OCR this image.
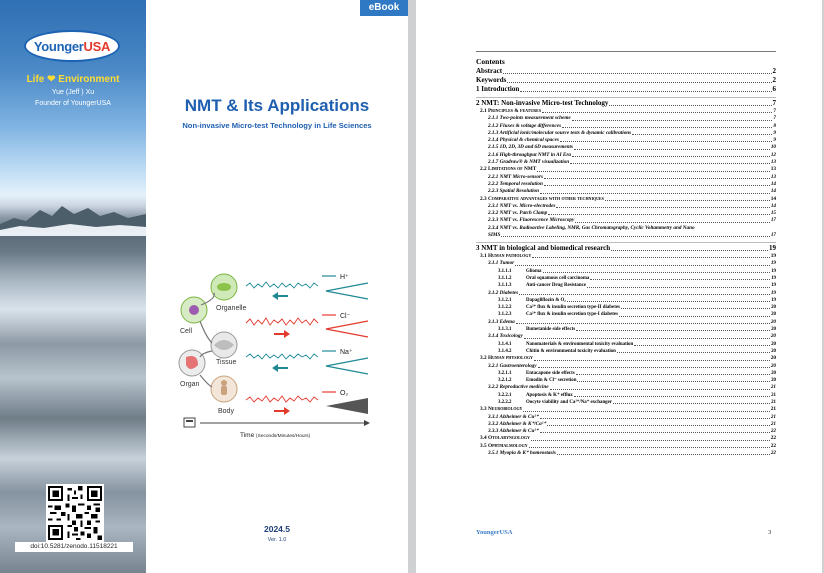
YoungerUSA
Life ❤ Environment
Yue (Jeff ) Xu
Founder of YoungerUSA
doi:10.5281/zenodo.11518221
eBook
NMT & Its Applications
Non-invasive Micro-test Technology in Life Sciences
Organelle
Cell
Tissue
Organ
Body
H⁺
Cl⁻
Na⁺
O₂
Time (Seconds/Minutes/Hours)
2024.5
Ver. 1.0
Contents
Abstract	2
Keywords	2
1 Introduction	6
2 NMT: Non-invasive Micro-test Technology	7
2.1 Principles & features	7
2.1.1 Two-points measurement scheme	7
2.1.2 Fluxes & voltage differences	8
2.1.3 Artificial ionic/molecular source tests & dynamic calibrations	9
2.1.4 Physical & chemical spaces	9
2.1.5 1D, 2D, 3D and 6D measurements	10
2.1.6 High-throughput NMT in AI Era	12
2.1.7 Gradraw® & NMT visualization	13
2.2 Limitations of NMT	13
2.2.1 NMT Micro-sensors	13
2.2.2 Temporal resolution	14
2.2.3 Spatial Resolution	14
2.3 Comparative advantages with other techniques	14
2.3.1 NMT vs. Micro-electrodes	14
2.3.2 NMT vs. Patch Clamp	15
2.3.3 NMT vs. Fluorescence Microscopy	17
2.3.4 NMT vs. Radioactive Labeling, NMR, Gas Chromatography, Cyclic Voltammetry and Nano
SIMS	17
3 NMT in biological and biomedical research	19
3.1 Human pathology	19
3.1.1 Tumor	19
3.1.1.1	Glioma	19
3.1.1.2	Oral squamous cell carcinoma	19
3.1.1.3	Anti-cancer Drug Resistance	19
3.1.2 Diabetes	19
3.1.2.1	Dapagliflozin & O₂	19
3.1.2.2	Ca²⁺ flux & insulin secretion type-II diabetes	20
3.1.2.3	Ca²⁺ flux & insulin secretion type-I diabetes	20
3.1.3 Edema	20
3.1.3.1	Bumetanide side effects	20
3.1.4 Toxicology	20
3.1.4.1	Nanomaterials & environmental toxicity evaluation	20
3.1.4.2	Chitin & environmental toxicity evaluation	20
3.2 Human physiology	20
3.2.1 Gastroenterology	20
3.2.1.1	Entacapone side effects	20
3.2.1.2	Emodin & Cl⁻ secretion	20
3.2.2 Reproductive medicine	21
3.2.2.1	Apoptosis & K⁺ efflux	21
3.2.2.2	Oocyte viability and Ca²⁺/Na⁺ exchanger	21
3.3 Neurobiology	21
3.3.1 Alzheimer & Cu²⁺	21
3.3.2 Alzheimer & K⁺/Ca²⁺	21
3.3.3 Alzheimer & Cu²⁺	22
3.4 Otolaryngology	22
3.5 Ophthalmology	22
3.5.1 Myopia & K⁺ homeostasis	22
YoungerUSA	3
